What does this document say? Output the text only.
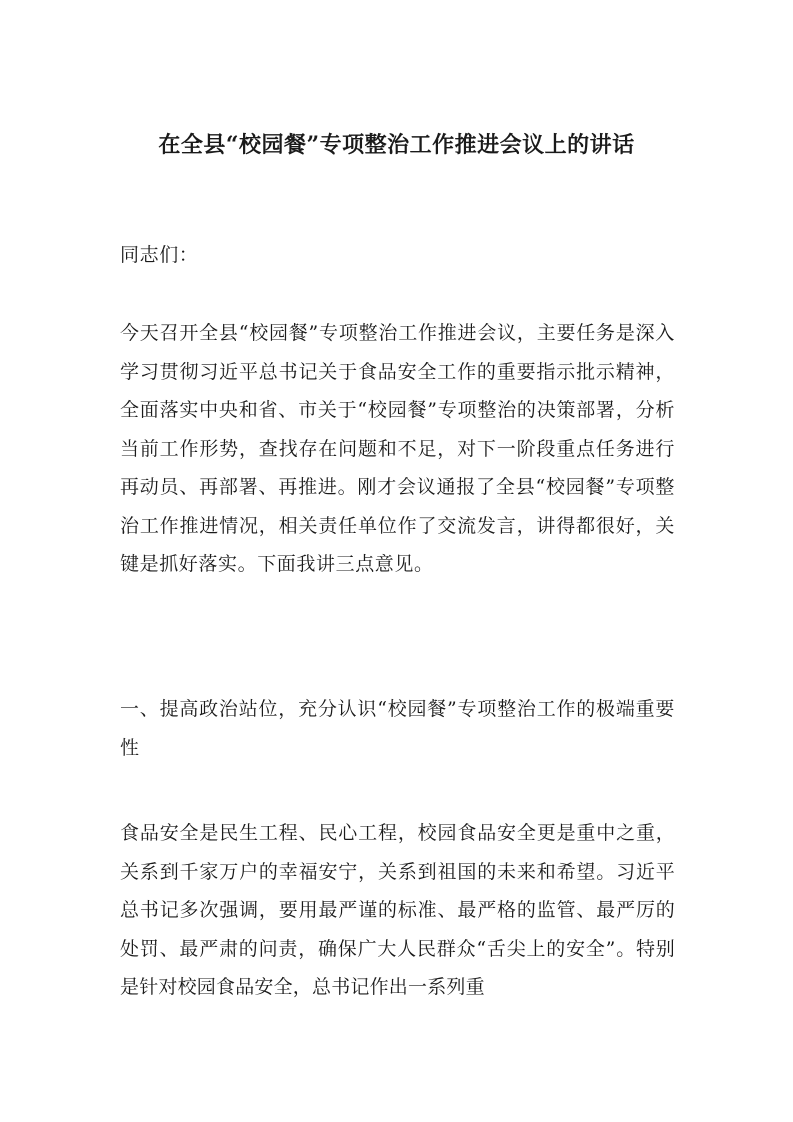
在全县“校园餐”专项整治工作推进会议上的讲话

同志们：

今天召开全县“校园餐”专项整治工作推进会议，主要任务是深入学习贯彻习近平总书记关于食品安全工作的重要指示批示精神，全面落实中央和省、市关于“校园餐”专项整治的决策部署，分析当前工作形势，查找存在问题和不足，对下一阶段重点任务进行再动员、再部署、再推进。刚才会议通报了全县“校园餐”专项整治工作推进情况，相关责任单位作了交流发言，讲得都很好，关键是抓好落实。下面我讲三点意见。

一、提高政治站位，充分认识“校园餐”专项整治工作的极端重要性

食品安全是民生工程、民心工程，校园食品安全更是重中之重，关系到千家万户的幸福安宁，关系到祖国的未来和希望。习近平总书记多次强调，要用最严谨的标准、最严格的监管、最严厉的处罚、最严肃的问责，确保广大人民群众“舌尖上的安全”。特别是针对校园食品安全，总书记作出一系列重
